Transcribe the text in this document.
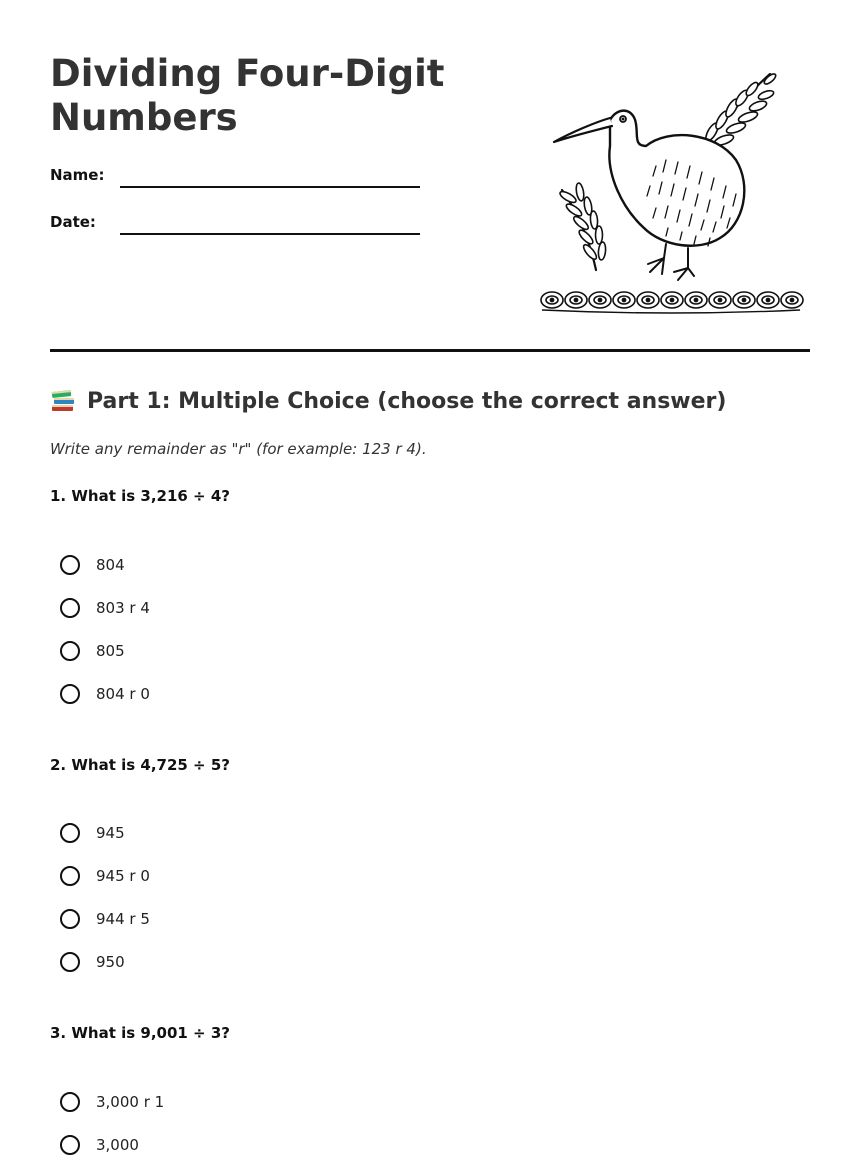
Dividing Four-Digit Numbers
Name:
Date:
Part 1: Multiple Choice (choose the correct answer)
Write any remainder as "r" (for example: 123 r 4).
1. What is 3,216 ÷ 4?
804
803 r 4
805
804 r 0
2. What is 4,725 ÷ 5?
945
945 r 0
944 r 5
950
3. What is 9,001 ÷ 3?
3,000 r 1
3,000
